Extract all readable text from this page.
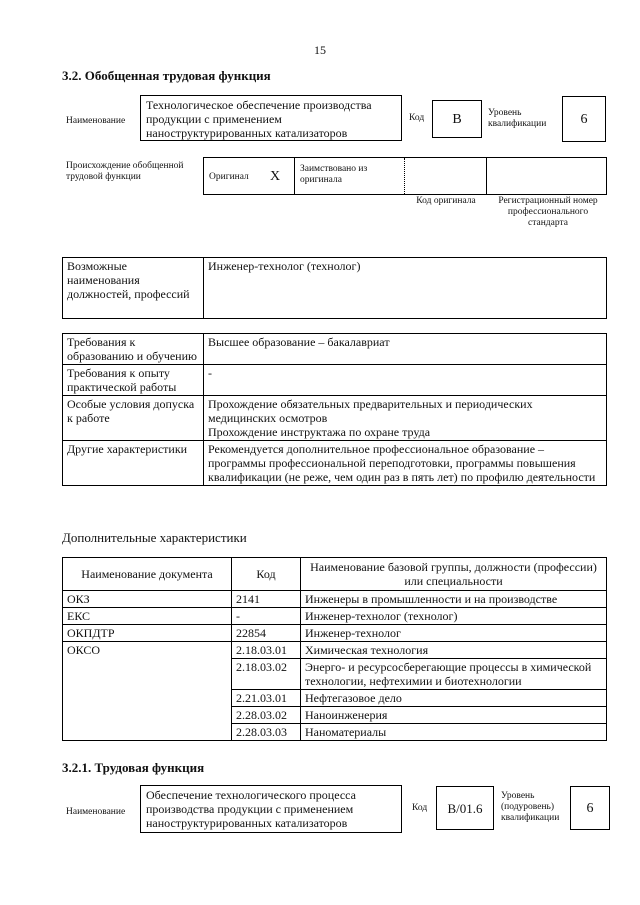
15
3.2. Обобщенная трудовая функция
Наименование
Технологическое обеспечение производства продукции с применением наноструктурированных катализаторов
Код	B	Уровень квалификации	6
Происхождение обобщенной трудовой функции	Оригинал X Заимствовано из оригинала
Код оригинала	Регистрационный номер профессионального стандарта
Возможные наименования должностей, профессий	Инженер-технолог (технолог)
Требования к образованию и обучению	Высшее образование – бакалавриат
Требования к опыту практической работы	-
Особые условия допуска к работе	Прохождение обязательных предварительных и периодических медицинских осмотров
Прохождение инструктажа по охране труда
Другие характеристики	Рекомендуется дополнительное профессиональное образование – программы профессиональной переподготовки, программы повышения квалификации (не реже, чем один раз в пять лет) по профилю деятельности
Дополнительные характеристики
Наименование документа	Код	Наименование базовой группы, должности (профессии) или специальности
ОКЗ	2141	Инженеры в промышленности и на производстве
ЕКС	-	Инженер-технолог (технолог)
ОКПДТР	22854	Инженер-технолог
ОКСО	2.18.03.01	Химическая технология
	2.18.03.02	Энерго- и ресурсосберегающие процессы в химической технологии, нефтехимии и биотехнологии
	2.21.03.01	Нефтегазовое дело
	2.28.03.02	Наноинженерия
	2.28.03.03	Наноматериалы
3.2.1. Трудовая функция
Наименование
Обеспечение технологического процесса производства продукции с применением наноструктурированных катализаторов
Код	B/01.6
Уровень (подуровень) квалификации
6
